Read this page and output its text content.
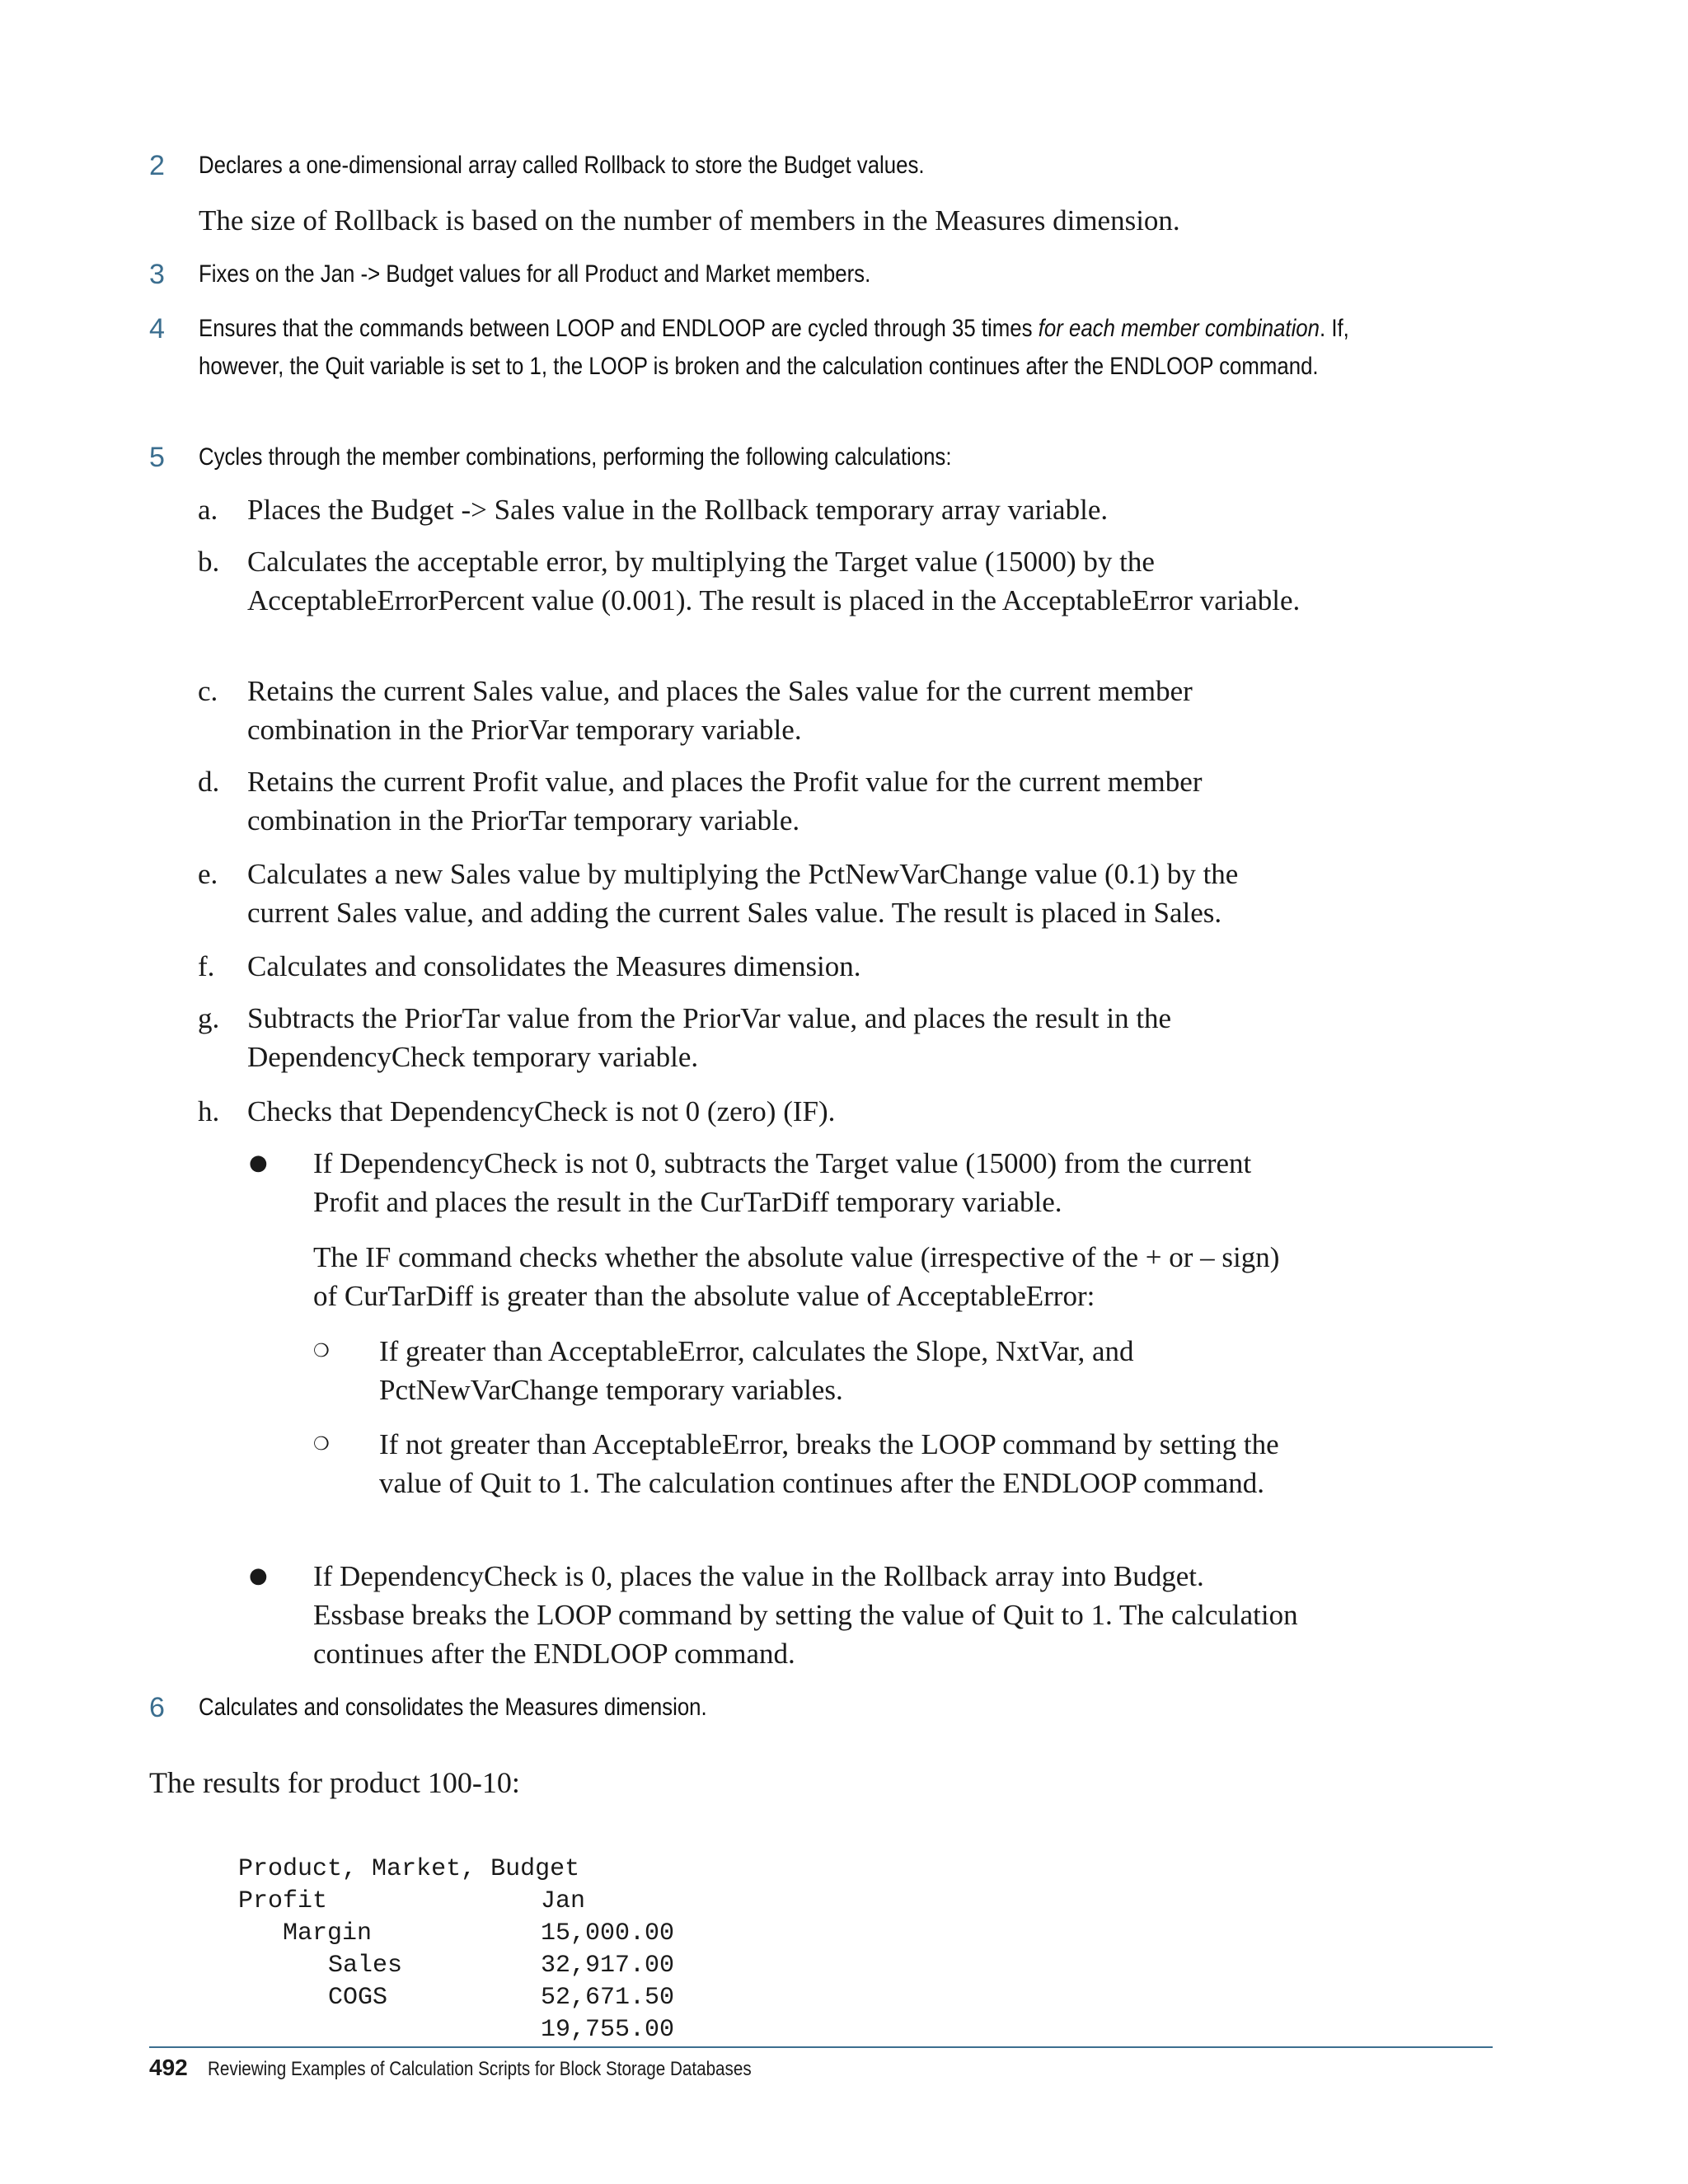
2 Declares a one-dimensional array called Rollback to store the Budget values.
The size of Rollback is based on the number of members in the Measures dimension.
3 Fixes on the Jan -> Budget values for all Product and Market members.
4 Ensures that the commands between LOOP and ENDLOOP are cycled through 35 times for each member combination. If, however, the Quit variable is set to 1, the LOOP is broken and the calculation continues after the ENDLOOP command.
5 Cycles through the member combinations, performing the following calculations:
a. Places the Budget -> Sales value in the Rollback temporary array variable.
b. Calculates the acceptable error, by multiplying the Target value (15000) by the AcceptableErrorPercent value (0.001). The result is placed in the AcceptableError variable.
c. Retains the current Sales value, and places the Sales value for the current member combination in the PriorVar temporary variable.
d. Retains the current Profit value, and places the Profit value for the current member combination in the PriorTar temporary variable.
e. Calculates a new Sales value by multiplying the PctNewVarChange value (0.1) by the current Sales value, and adding the current Sales value. The result is placed in Sales.
f. Calculates and consolidates the Measures dimension.
g. Subtracts the PriorTar value from the PriorVar value, and places the result in the DependencyCheck temporary variable.
h. Checks that DependencyCheck is not 0 (zero) (IF).
● If DependencyCheck is not 0, subtracts the Target value (15000) from the current Profit and places the result in the CurTarDiff temporary variable.
The IF command checks whether the absolute value (irrespective of the + or – sign) of CurTarDiff is greater than the absolute value of AcceptableError:
❍ If greater than AcceptableError, calculates the Slope, NxtVar, and PctNewVarChange temporary variables.
❍ If not greater than AcceptableError, breaks the LOOP command by setting the value of Quit to 1. The calculation continues after the ENDLOOP command.
● If DependencyCheck is 0, places the value in the Rollback array into Budget. Essbase breaks the LOOP command by setting the value of Quit to 1. The calculation continues after the ENDLOOP command.
6 Calculates and consolidates the Measures dimension.
The results for product 100-10:

Product, Market, Budget

Jan

Profit

15,000.00

Margin

32,917.00

Sales

52,671.50

COGS

19,755.00

492 Reviewing Examples of Calculation Scripts for Block Storage Databases
